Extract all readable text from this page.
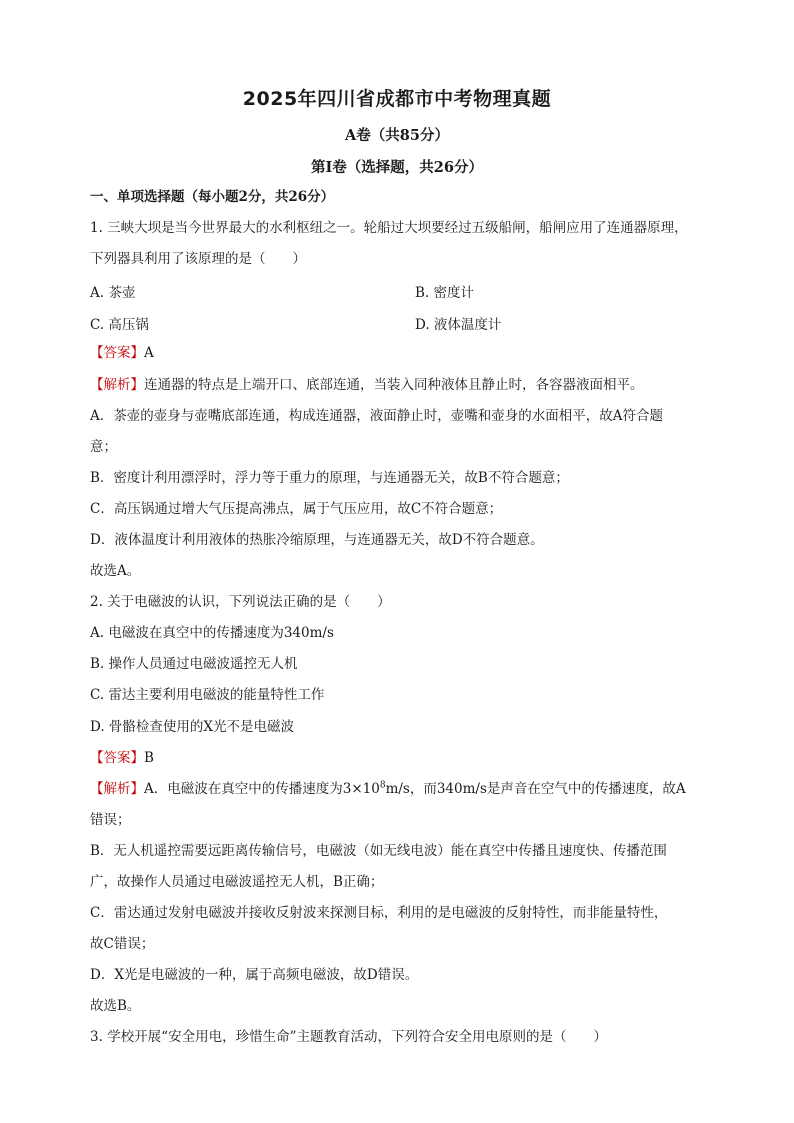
2025年四川省成都市中考物理真题
A卷（共85分）
第I卷（选择题，共26分）
一、单项选择题（每小题2分，共26分）
1. 三峡大坝是当今世界最大的水利枢纽之一。轮船过大坝要经过五级船闸，船闸应用了连通器原理，
下列器具利用了该原理的是（　　）
A. 茶壶	B. 密度计
C. 高压锅	D. 液体温度计
【答案】A
【解析】连通器的特点是上端开口、底部连通，当装入同种液体且静止时，各容器液面相平。
A．茶壶的壶身与壶嘴底部连通，构成连通器，液面静止时，壶嘴和壶身的水面相平，故A符合题
意；
B．密度计利用漂浮时，浮力等于重力的原理，与连通器无关，故B不符合题意；
C．高压锅通过增大气压提高沸点，属于气压应用，故C不符合题意；
D．液体温度计利用液体的热胀冷缩原理，与连通器无关，故D不符合题意。
故选A。
2. 关于电磁波的认识，下列说法正确的是（　　）
A. 电磁波在真空中的传播速度为340m/s
B. 操作人员通过电磁波遥控无人机
C. 雷达主要利用电磁波的能量特性工作
D. 骨骼检查使用的X光不是电磁波
【答案】B
【解析】A．电磁波在真空中的传播速度为$3\times 10^8m/s$，而340m/s是声音在空气中的传播速度，故A
错误；
B．无人机遥控需要远距离传输信号，电磁波（如无线电波）能在真空中传播且速度快、传播范围
广，故操作人员通过电磁波遥控无人机，B正确；
C．雷达通过发射电磁波并接收反射波来探测目标，利用的是电磁波的反射特性，而非能量特性，
故C错误；
D．X光是电磁波的一种，属于高频电磁波，故D错误。
故选B。
3. 学校开展“安全用电，珍惜生命”主题教育活动，下列符合安全用电原则的是（　　）
